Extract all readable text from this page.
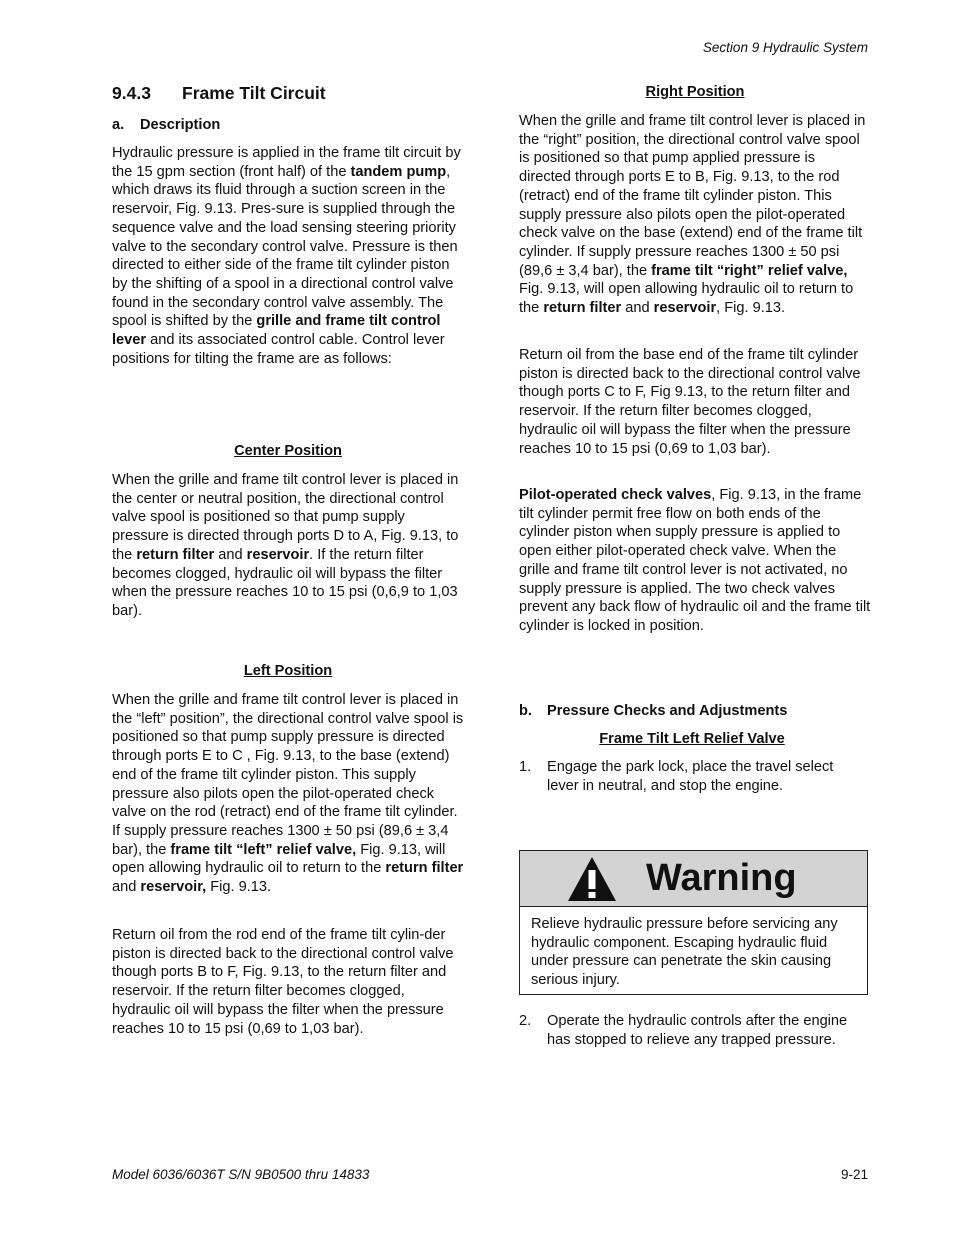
Section 9 Hydraulic System
9.4.3 Frame Tilt Circuit
a. Description

Hydraulic pressure is applied in the frame tilt circuit by the 15 gpm section (front half) of the tandem pump, which draws its fluid through a suction screen in the reservoir, Fig. 9.13. Pres-sure is supplied through the sequence valve and the load sensing steering priority valve to the secondary control valve. Pressure is then directed to either side of the frame tilt cylinder piston by the shifting of a spool in a directional control valve found in the secondary control valve assembly. The spool is shifted by the grille and frame tilt control lever and its associated control cable. Control lever positions for tilting the frame are as follows:

Center Position

When the grille and frame tilt control lever is placed in the center or neutral position, the directional control valve spool is positioned so that pump supply pressure is directed through ports D to A, Fig. 9.13, to the return filter and reservoir. If the return filter becomes clogged, hydraulic oil will bypass the filter when the pressure reaches 10 to 15 psi (0,6,9 to 1,03 bar).

Left Position

When the grille and frame tilt control lever is placed in the “left” position”, the directional control valve spool is positioned so that pump supply pressure is directed through ports E to C , Fig. 9.13, to the base (extend) end of the frame tilt cylinder piston. This supply pressure also pilots open the pilot-operated check valve on the rod (retract) end of the frame tilt cylinder. If supply pressure reaches 1300 ± 50 psi (89,6 ± 3,4 bar), the frame tilt “left” relief valve, Fig. 9.13, will open allowing hydraulic oil to return to the return filter and reservoir, Fig. 9.13.

Return oil from the rod end of the frame tilt cylin-der piston is directed back to the directional control valve though ports B to F, Fig. 9.13, to the return filter and reservoir. If the return filter becomes clogged, hydraulic oil will bypass the filter when the pressure reaches 10 to 15 psi (0,69 to 1,03 bar).

Right Position

When the grille and frame tilt control lever is placed in the “right” position, the directional control valve spool is positioned so that pump applied pressure is directed through ports E to B, Fig. 9.13, to the rod (retract) end of the frame tilt cylinder piston. This supply pressure also pilots open the pilot-operated check valve on the base (extend) end of the frame tilt cylinder. If supply pressure reaches 1300 ± 50 psi (89,6 ± 3,4 bar), the frame tilt “right” relief valve, Fig. 9.13, will open allowing hydraulic oil to return to the return filter and reservoir, Fig. 9.13.

Return oil from the base end of the frame tilt cylinder piston is directed back to the directional control valve though ports C to F, Fig 9.13, to the return filter and reservoir. If the return filter becomes clogged, hydraulic oil will bypass the filter when the pressure reaches 10 to 15 psi (0,69 to 1,03 bar).

Pilot-operated check valves, Fig. 9.13, in the frame tilt cylinder permit free flow on both ends of the cylinder piston when supply pressure is applied to open either pilot-operated check valve. When the grille and frame tilt control lever is not activated, no supply pressure is applied. The two check valves prevent any back flow of hydraulic oil and the frame tilt cylinder is locked in position.

b. Pressure Checks and Adjustments
Frame Tilt Left Relief Valve
1. Engage the park lock, place the travel select lever in neutral, and stop the engine.
Warning
Relieve hydraulic pressure before servicing any hydraulic component. Escaping hydraulic fluid under pressure can penetrate the skin causing serious injury.
2. Operate the hydraulic controls after the engine has stopped to relieve any trapped pressure.
Model 6036/6036T S/N 9B0500 thru 14833	9-21
